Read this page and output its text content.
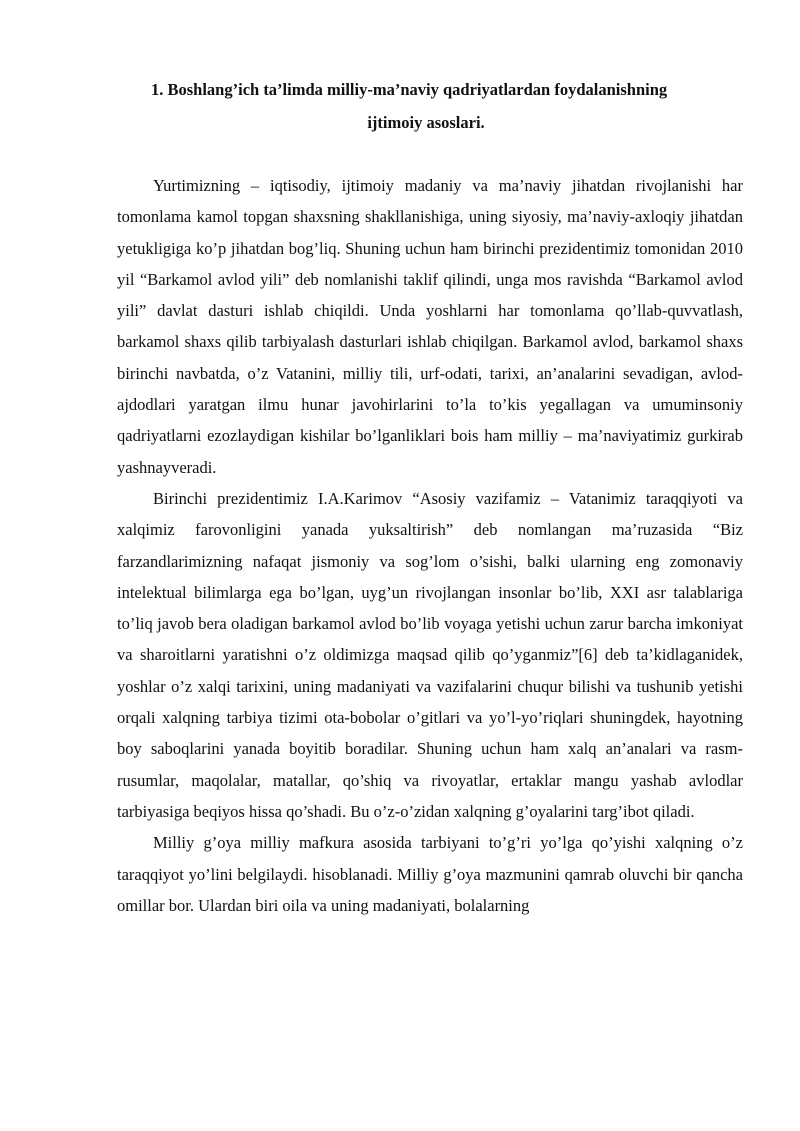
1. Boshlang’ich ta’limda milliy-ma’naviy qadriyatlardan foydalanishning
ijtimoiy asoslari.

Yurtimizning – iqtisodiy, ijtimoiy madaniy va ma’naviy jihatdan rivojlanishi har tomonlama kamol topgan shaxsning shakllanishiga, uning siyosiy, ma’naviy-axloqiy jihatdan yetukligiga ko’p jihatdan bog’liq. Shuning uchun ham birinchi prezidentimiz tomonidan 2010 yil “Barkamol avlod yili” deb nomlanishi taklif qilindi, unga mos ravishda “Barkamol avlod yili” davlat dasturi ishlab chiqildi. Unda yoshlarni har tomonlama qo’llab-quvvatlash, barkamol shaxs qilib tarbiyalash dasturlari ishlab chiqilgan. Barkamol avlod, barkamol shaxs birinchi navbatda, o’z Vatanini, milliy tili, urf-odati, tarixi, an’analarini sevadigan, avlod-ajdodlari yaratgan ilmu hunar javohirlarini to’la to’kis yegallagan va umuminsoniy qadriyatlarni ezozlaydigan kishilar bo’lganliklari bois ham milliy – ma’naviyatimiz gurkirab yashnayveradi.

Birinchi prezidentimiz I.A.Karimov “Asosiy vazifamiz – Vatanimiz taraqqiyoti va xalqimiz farovonligini yanada yuksaltirish” deb nomlangan ma’ruzasida “Biz farzandlarimizning nafaqat jismoniy va sog’lom o’sishi, balki ularning eng zomonaviy intelektual bilimlarga ega bo’lgan, uyg’un rivojlangan insonlar bo’lib, XXI asr talablariga to’liq javob bera oladigan barkamol avlod bo’lib voyaga yetishi uchun zarur barcha imkoniyat va sharoitlarni yaratishni o’z oldimizga maqsad qilib qo’yganmiz”[6] deb ta’kidlaganidek, yoshlar o’z xalqi tarixini, uning madaniyati va vazifalarini chuqur bilishi va tushunib yetishi orqali xalqning tarbiya tizimi ota-bobolar o’gitlari va yo’l-yo’riqlari shuningdek, hayotning boy saboqlarini yanada boyitib boradilar. Shuning uchun ham xalq an’analari va rasm-rusumlar, maqolalar, matallar, qo’shiq va rivoyatlar, ertaklar mangu yashab avlodlar tarbiyasiga beqiyos hissa qo’shadi. Bu o’z-o’zidan xalqning g’oyalarini targ’ibot qiladi.

Milliy g’oya milliy mafkura asosida tarbiyani to’g’ri yo’lga qo’yishi xalqning o’z taraqqiyot yo’lini belgilaydi. hisoblanadi. Milliy g’oya mazmunini qamrab oluvchi bir qancha omillar bor. Ulardan biri oila va uning madaniyati, bolalarning
